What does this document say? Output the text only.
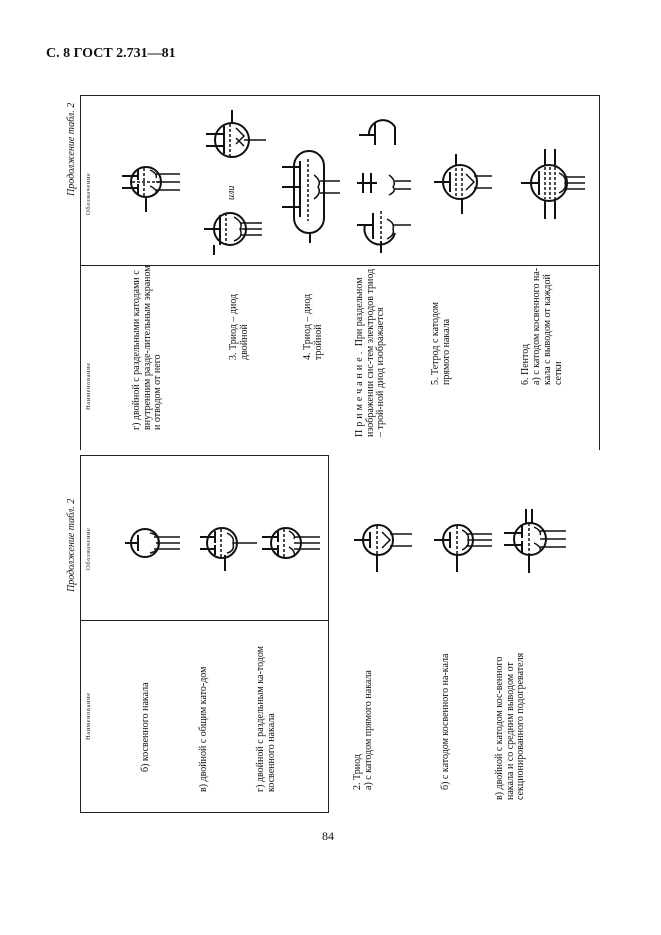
С. 8 ГОСТ 2.731—81
Продолжение табл. 2
Наименование
Обозначение
б) косвенного накала	в) двойной с общим като-дом	г) двойной с раздельным ка-тодом косвенного накала	2. Триод а) с катодом прямого накала	б) с катодом косвенного на-кала	в) двойной с катодом кос-венного накала и со средним выводом от секционированного подогревателя
Продолжение табл. 2
Наименование
Обозначение
г) двойной с раздельными катодами с внутренним разде-лительным экраном и отводом от него
3. Триод – диод двойной	4. Триод – диод тройной
Примечание. При раздельном изображении сис-тем электродов триод – трой-ной диод изображается	5. Тетрод с катодом прямого накала	6. Пентод а) с катодом косвенного на-кала с выводом от каждой сетки
или
84
